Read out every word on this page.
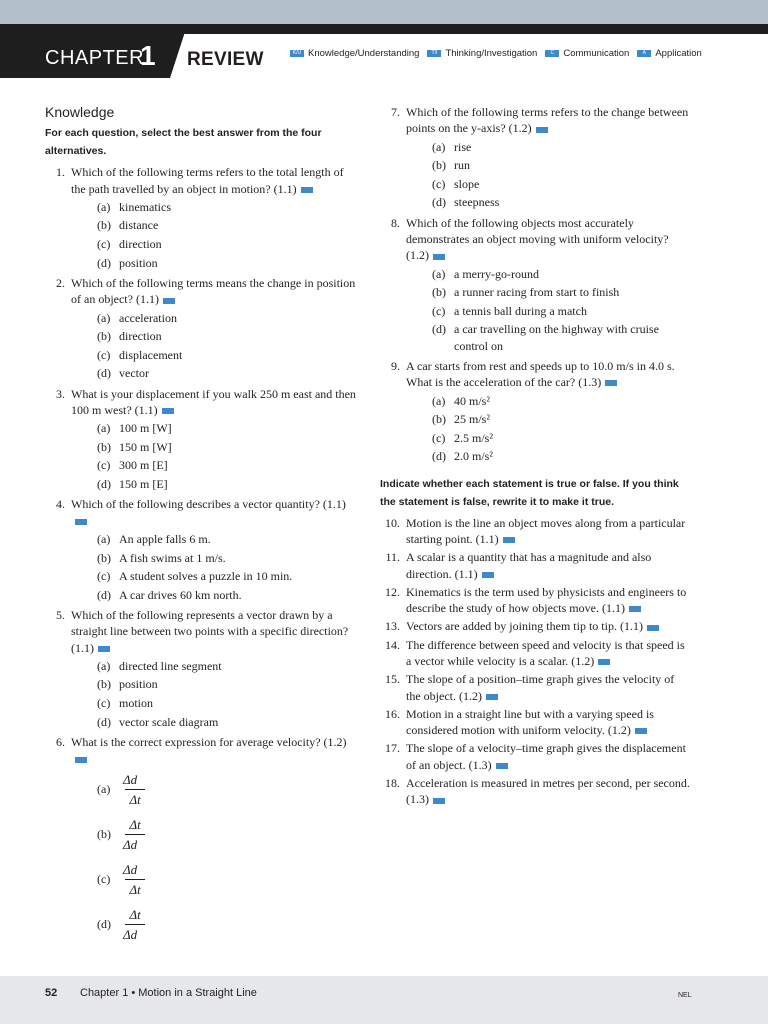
CHAPTER
1 REVIEW	K/U Knowledge/Understanding	T/I Thinking/Investigation	C Communication	A Application
Knowledge

For each question, select the best answer from the four alternatives.

1. Which of the following terms refers to the total length of the path travelled by an object in motion? (1.1)
(a) kinematics
(b) distance
(c) direction
(d) position
2. Which of the following terms means the change in position of an object? (1.1)
(a) acceleration
(b) direction
(c) displacement
(d) vector
3. What is your displacement if you walk 250 m east and then 100 m west? (1.1)
(a) 100 m [W]
(b) 150 m [W]
(c) 300 m [E]
(d) 150 m [E]
4. Which of the following describes a vector quantity? (1.1)
(a) An apple falls 6 m.
(b) A fish swims at 1 m/s.
(c) A student solves a puzzle in 10 min.
(d) A car drives 60 km north.
5. Which of the following represents a vector drawn by a straight line between two points with a specific direction? (1.1)
(a) directed line segment
(b) position
(c) motion
(d) vector scale diagram
6. What is the correct expression for average velocity? (1.2)
$(a) \frac{\Delta d⃗}{\Delta t}$
$(b) \frac{\Delta t}{\Delta d⃗}$
$(c) \frac{\Delta d⃗}{\Delta t}$
$(d) \frac{\Delta t}{\Delta d⃗}$
7. Which of the following terms refers to the change between points on the y-axis? (1.2)
(a) rise
(b) run
(c) slope
(d) steepness
8. Which of the following objects most accurately demonstrates an object moving with uniform velocity? (1.2)
(a) a merry-go-round
(b) a runner racing from start to finish
(c) a tennis ball during a match
(d) a car travelling on the highway with cruise control on
9. A car starts from rest and speeds up to 10.0 m/s in 4.0 s. What is the acceleration of the car? (1.3)
(a) 40 m/s²
(b) 25 m/s²
(c) 2.5 m/s²
(d) 2.0 m/s²

Indicate whether each statement is true or false. If you think the statement is false, rewrite it to make it true.

10. Motion is the line an object moves along from a particular starting point. (1.1)
11. A scalar is a quantity that has a magnitude and also direction. (1.1)
12. Kinematics is the term used by physicists and engineers to describe the study of how objects move. (1.1)
13. Vectors are added by joining them tip to tip. (1.1)
14. The difference between speed and velocity is that speed is a vector while velocity is a scalar. (1.2)
15. The slope of a position–time graph gives the velocity of the object. (1.2)
16. Motion in a straight line but with a varying speed is considered motion with uniform velocity. (1.2)
17. The slope of a velocity–time graph gives the displacement of an object. (1.3)
18. Acceleration is measured in metres per second, per second. (1.3)
52 Chapter 1 • Motion in a Straight Line	NEL
